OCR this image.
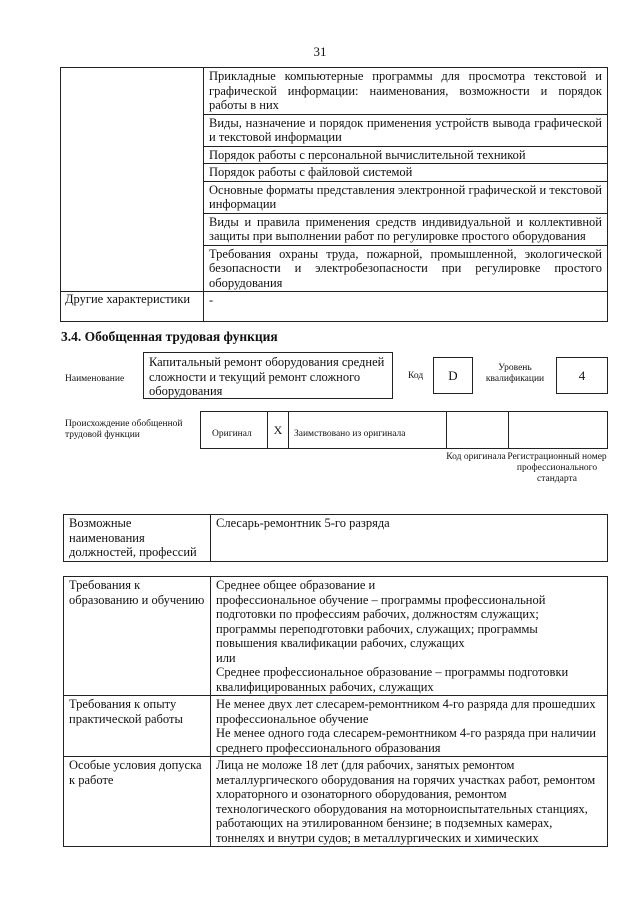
31
	Прикладные компьютерные программы для просмотра текстовой и графической информации: наименования, возможности и порядок работы в них
	Виды, назначение и порядок применения устройств вывода графической и текстовой информации
	Порядок работы с персональной вычислительной техникой
	Порядок работы с файловой системой
	Основные форматы представления электронной графической и текстовой информации
	Виды и правила применения средств индивидуальной и коллективной защиты при выполнении работ по регулировке простого оборудования
	Требования охраны труда, пожарной, промышленной, экологической безопасности и электробезопасности при регулировке простого оборудования
Другие характеристики	-
3.4. Обобщенная трудовая функция
Наименование
Капитальный ремонт оборудования средней сложности и текущий ремонт сложного оборудования
Код	D	Уровень квалификации	4
Происхождение обобщенной трудовой функции	Оригинал	X	Заимствовано из оригинала
Код оригинала Регистрационный номер профессионального стандарта
Возможные наименования должностей, профессий	Слесарь-ремонтник 5-го разряда
Требования к образованию и обучению	Среднее общее образование и
профессиональное обучение – программы профессиональной подготовки по профессиям рабочих, должностям служащих; программы переподготовки рабочих, служащих; программы повышения квалификации рабочих, служащих
или
Среднее профессиональное образование – программы подготовки квалифицированных рабочих, служащих

Требования к опыту практической работы	Не менее двух лет слесарем-ремонтником 4-го разряда для прошедших профессиональное обучение
Не менее одного года слесарем-ремонтником 4-го разряда при наличии среднего профессионального образования

Особые условия допуска к работе	Лица не моложе 18 лет (для рабочих, занятых ремонтом металлургического оборудования на горячих участках работ, ремонтом хлораторного и озонаторного оборудования, ремонтом технологического оборудования на моторноиспытательных станциях, работающих на этилированном бензине; в подземных камерах, тоннелях и внутри судов; в металлургических и химических
